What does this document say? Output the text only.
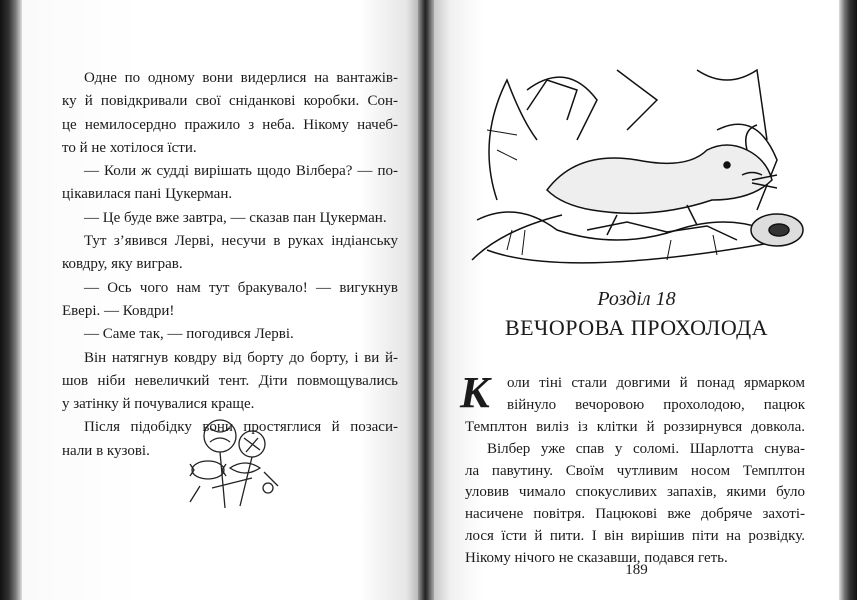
Одне по одному вони видерлися на вантажів-
ку й повідкривали свої сніданкові коробки. Сон-
це немилосердно пражило з неба. Нікому начеб-
то й не хотілося їсти.
— Коли ж судді вирішать щодо Вілбера? — по-
цікавилася пані Цукерман.
— Це буде вже завтра, — сказав пан Цукерман.
Тут з’явився Лерві, несучи в руках індіанську
ковдру, яку виграв.
— Ось чого нам тут бракувало! — вигукнув
Евері. — Ковдри!
— Саме так, — погодився Лерві.
Він натягнув ковдру від борту до борту, і ви й-
шов ніби невеличкий тент. Діти повмощувались
у затінку й почувалися краще.
Після підобідку вони простяглися й позаси-
нали в кузові.
Розділ 18
ВЕЧОРОВА ПРОХОЛОДА
К	оли тіні стали довгими й понад ярмарком
війнуло вечоровою прохолодою, пацюк
Темплтон виліз із клітки й роззирнувся довкола.
Вілбер уже спав у соломі. Шарлотта снува-
ла павутину. Своїм чутливим носом Темплтон
уловив чимало спокусливих запахів, якими було
насичене повітря. Пацюкові вже добряче захоті-
лося їсти й пити. І він вирішив піти на розвідку.
Нікому нічого не сказавши, подався геть.
189
